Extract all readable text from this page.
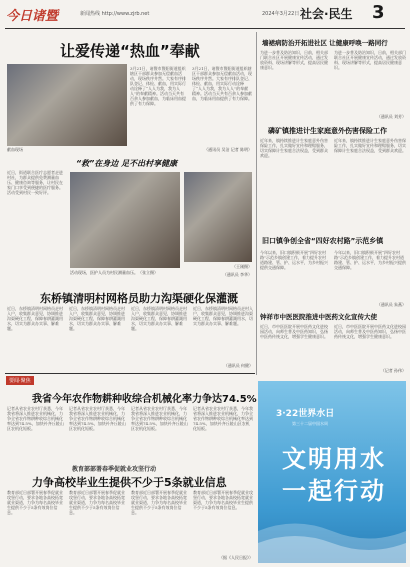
今日诸暨	新闻热线 http://www.zjrb.net	2024年3月22日 社会·民生 3
让爱传递“热血”奉献
3月21日，诸暨市暨阳街道组织辖区干部群众参加无偿献血活动，现场秩序井然。大家有序排队登记、体检、献血，用实际行动诠释了“人人为我，我为人人”的奉献精神。活动当天共有百余人参加献血，为临床用血提供了有力保障。
3月21日，诸暨市暨阳街道组织辖区干部群众参加无偿献血活动，现场秩序井然。大家有序排队登记、体检、献血，用实际行动诠释了“人人为我，我为人人”的奉献精神。活动当天共有百余人参加献血，为临床用血提供了有力保障。
献血现场	（通讯员 吴洁 记者 陈明）
“救”在身边 足不出村享健康
近日，街道联合医疗志愿者走进村社，为群众提供免费测量血压、健康咨询等服务，让村民在家门口享受到便捷的医疗服务。活动受到村民一致好评。
活动现场，医护人员为村民测量血压。（张立摄）
（王刚摄）
（通讯员 李华）
东桥镇清明村网格员助力沟渠硬化保灌溉
近日，东桥镇清明村网格员走村入户，收集群众意见，协调推进沟渠硬化工程，保障春耕灌溉用水，切实为群众办实事、解难题。
近日，东桥镇清明村网格员走村入户，收集群众意见，协调推进沟渠硬化工程，保障春耕灌溉用水，切实为群众办实事、解难题。
近日，东桥镇清明村网格员走村入户，收集群众意见，协调推进沟渠硬化工程，保障春耕灌溉用水，切实为群众办实事、解难题。
近日，东桥镇清明村网格员走村入户，收集群众意见，协调推进沟渠硬化工程，保障春耕灌溉用水，切实为群众办实事、解难题。
（通讯员 何健）
要闻·聚焦
我省今年农作物耕种收综合机械化率力争达74.5%
记者从省农业农村厅获悉，今年我省将深入推进农业机械化，力争全省农作物耕种收综合机械化率达到74.5%，加快补齐丘陵山区农机化短板。
记者从省农业农村厅获悉，今年我省将深入推进农业机械化，力争全省农作物耕种收综合机械化率达到74.5%，加快补齐丘陵山区农机化短板。
记者从省农业农村厅获悉，今年我省将深入推进农业机械化，力争全省农作物耕种收综合机械化率达到74.5%，加快补齐丘陵山区农机化短板。
记者从省农业农村厅获悉，今年我省将深入推进农业机械化，力争全省农作物耕种收综合机械化率达到74.5%，加快补齐丘陵山区农机化短板。
教育部部署春季促就业攻坚行动
力争高校毕业生提供不少于5条就业信息
教育部近日部署开展春季促就业攻坚行动，要求各地各高校拓宽就业渠道，力争为每名高校毕业生提供不少于5条有效岗位信息。
教育部近日部署开展春季促就业攻坚行动，要求各地各高校拓宽就业渠道，力争为每名高校毕业生提供不少于5条有效岗位信息。
教育部近日部署开展春季促就业攻坚行动，要求各地各高校拓宽就业渠道，力争为每名高校毕业生提供不少于5条有效岗位信息。
教育部近日部署开展春季促就业攻坚行动，要求各地各高校拓宽就业渠道，力争为每名高校毕业生提供不少于5条有效岗位信息。
（据《人民日报》）
墙裙病防治开拓进社区 让健康呼唤一路同行
为进一步普及防治知识，日前，相关部门联合社区开展健康宣传活动，通过发放资料、现场讲解等形式，提高居民健康意识。
为进一步普及防治知识，日前，相关部门联合社区开展健康宣传活动，通过发放资料、现场讲解等形式，提高居民健康意识。
（通讯员 刘芳）
磷矿镇推进计生家庭意外伤害保险工作
近年来，镇持续推进计生家庭意外伤害保险工作，扎实做好宣传和理赔服务，切实保障计生家庭合法权益，受到群众欢迎。
近年来，镇持续推进计生家庭意外伤害保险工作，扎实做好宣传和理赔服务，切实保障计生家庭合法权益，受到群众欢迎。
旧口镇争创全省“四好农村路”示范乡镇
今年以来，旧口镇积极开展“四好农村路”示范乡镇创建工作，着力提升农村道路建、管、护、运水平，为乡村振兴提供交通保障。
今年以来，旧口镇积极开展“四好农村路”示范乡镇创建工作，着力提升农村道路建、管、护、运水平，为乡村振兴提供交通保障。
（通讯员 朱燕）
钟祥市中医医院推进中医药文化宣传大使
近日，市中医医院开展中医药文化进校园活动，向师生普及中医药知识，弘扬中医药传统文化，增强学生健康意识。
近日，市中医医院开展中医药文化进校园活动，向师生普及中医药知识，弘扬中医药传统文化，增强学生健康意识。
（记者 孙伟）
3·22世界水日
第三十二届中国水周
文明用水
一起行动
